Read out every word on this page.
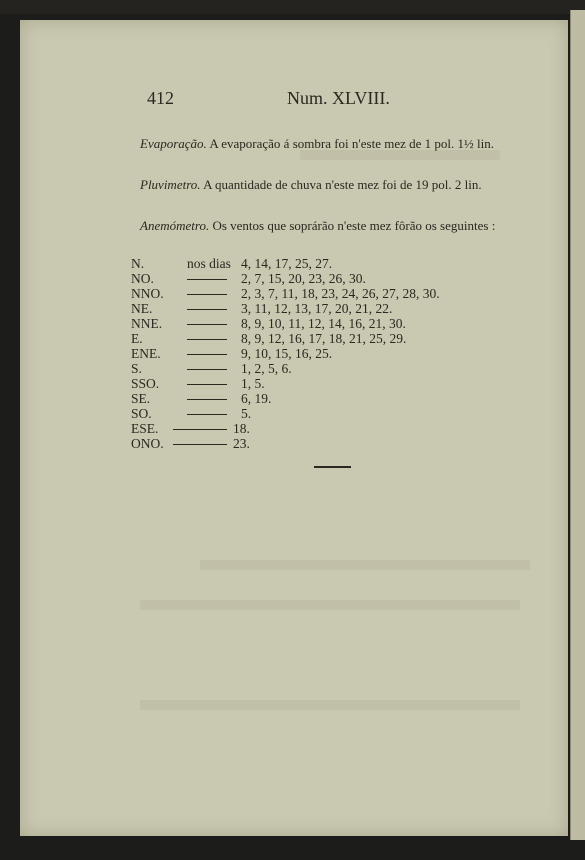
412	Num. XLVIII.
Evaporação. A evaporação á sombra foi n'este mez de 1 pol. 1½ lin.
Pluvimetro. A quantidade de chuva n'este mez foi de 19 pol. 2 lin.
Anemómetro. Os ventos que soprárão n'este mez fôrão os seguintes :
N.	nos dias 4, 14, 17, 25, 27.
NO.	2, 7, 15, 20, 23, 26, 30.
NNO.	2, 3, 7, 11, 18, 23, 24, 26, 27, 28, 30.
NE.	3, 11, 12, 13, 17, 20, 21, 22.
NNE.	8, 9, 10, 11, 12, 14, 16, 21, 30.
E.	8, 9, 12, 16, 17, 18, 21, 25, 29.
ENE.	9, 10, 15, 16, 25.
S.	1, 2, 5, 6.
SSO.	1, 5.
SE.	6, 19.
SO.	5.
ESE.	18.
ONO.	23.
